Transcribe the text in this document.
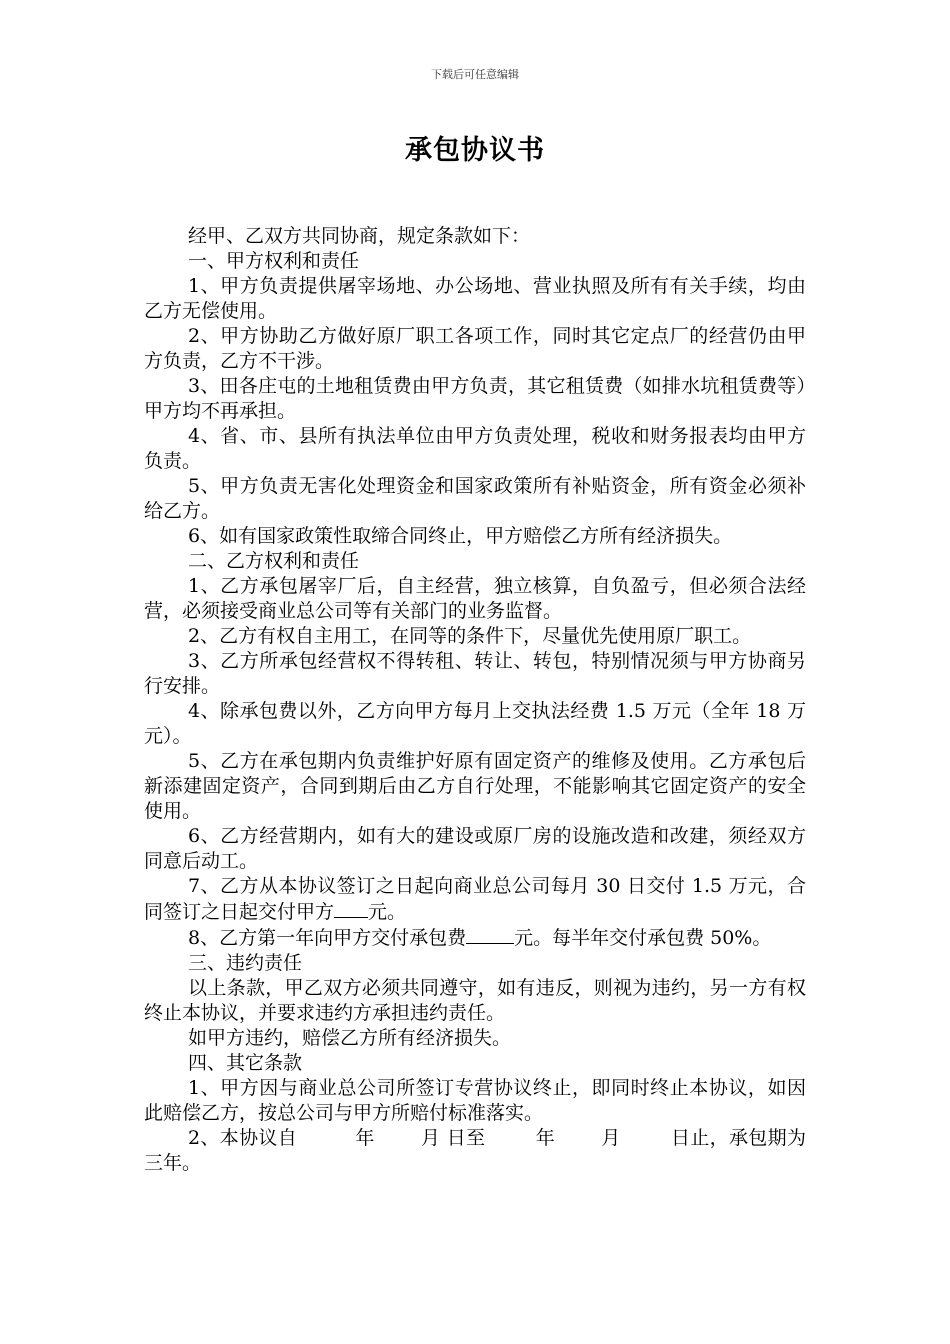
下载后可任意编辑
承包协议书

经甲、乙双方共同协商，规定条款如下：

一、甲方权利和责任

1、甲方负责提供屠宰场地、办公场地、营业执照及所有有关手续，均由乙方无偿使用。

2、甲方协助乙方做好原厂职工各项工作，同时其它定点厂的经营仍由甲方负责，乙方不干涉。

3、田各庄屯的土地租赁费由甲方负责，其它租赁费（如排水坑租赁费等）甲方均不再承担。

4、省、市、县所有执法单位由甲方负责处理，税收和财务报表均由甲方负责。

5、甲方负责无害化处理资金和国家政策所有补贴资金，所有资金必须补给乙方。

6、如有国家政策性取缔合同终止，甲方赔偿乙方所有经济损失。

二、乙方权利和责任

1、乙方承包屠宰厂后，自主经营，独立核算，自负盈亏，但必须合法经营，必须接受商业总公司等有关部门的业务监督。

2、乙方有权自主用工，在同等的条件下，尽量优先使用原厂职工。

3、乙方所承包经营权不得转租、转让、转包，特别情况须与甲方协商另行安排。

4、除承包费以外，乙方向甲方每月上交执法经费 1.5 万元（全年 18 万元）。

5、乙方在承包期内负责维护好原有固定资产的维修及使用。乙方承包后新添建固定资产，合同到期后由乙方自行处理，不能影响其它固定资产的安全使用。

6、乙方经营期内，如有大的建设或原厂房的设施改造和改建，须经双方同意后动工。

7、乙方从本协议签订之日起向商业总公司每月 30 日交付 1.5 万元，合同签订之日起交付甲方 元。

8、乙方第一年向甲方交付承包费	元。每半年交付承包费 50%。

三、违约责任

以上条款，甲乙双方必须共同遵守，如有违反，则视为违约，另一方有权终止本协议，并要求违约方承担违约责任。

如甲方违约，赔偿乙方所有经济损失。

四、其它条款

1、甲方因与商业总公司所签订专营协议终止，即同时终止本协议，如因此赔偿乙方，按总公司与甲方所赔付标准落实。

2、本协议自	年 月 日至	年 月	日止，承包期为三年。
